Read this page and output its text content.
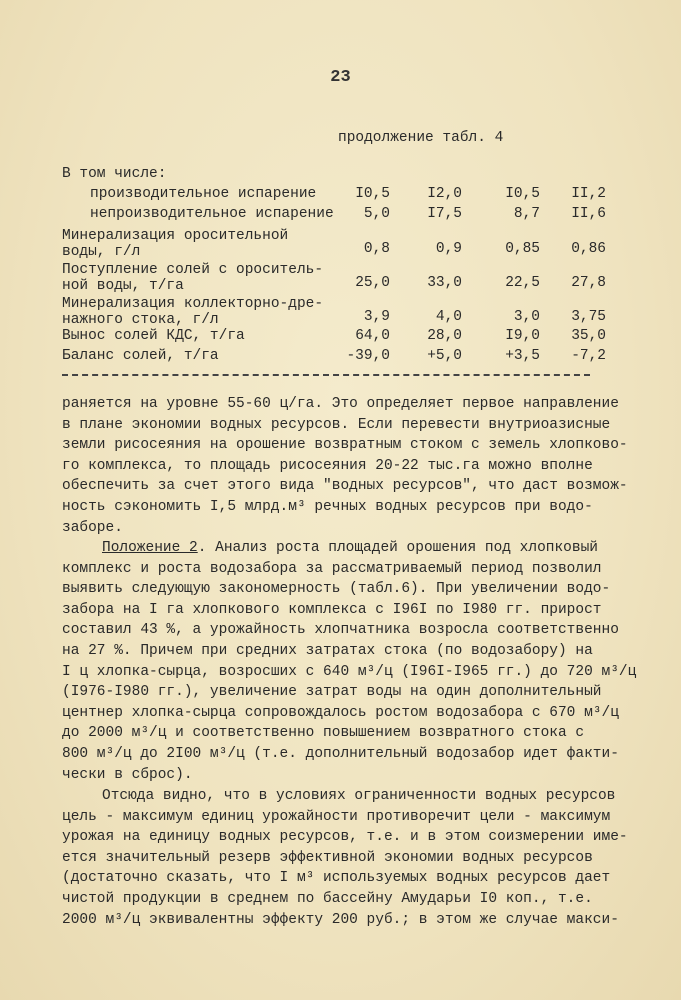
23
продолжение табл. 4
В том числе:
производительное испарение	I0,5	I2,0	I0,5	II,2
непроизводительное испарение	5,0	I7,5	8,7	II,6
Минерализация оросительной
воды, г/л	0,8	0,9	0,85	0,86
Поступление солей с ороситель-
ной воды, т/га	25,0	33,0	22,5	27,8
Минерализация коллекторно-дре-
нажного стока, г/л	3,9	4,0	3,0	3,75
Вынос солей КДС, т/га	64,0	28,0	I9,0	35,0
Баланс солей, т/га	-39,0	+5,0	+3,5	-7,2
раняется на уровне 55-60 ц/га. Это определяет первое направление
в плане экономии водных ресурсов. Если перевести внутриоазисные
земли рисосеяния на орошение возвратным стоком с земель хлопково-
го комплекса, то площадь рисосеяния 20-22 тыс.га можно вполне
обеспечить за счет этого вида "водных ресурсов", что даст возмож-
ность сэкономить I,5 млрд.м³ речных водных ресурсов при водо-
заборе.
Положение 2. Анализ роста площадей орошения под хлопковый
комплекс и роста водозабора за рассматриваемый период позволил
выявить следующую закономерность (табл.6). При увеличении водо-
забора на I га хлопкового комплекса с I96I по I980 гг. прирост
составил 43 %, а урожайность хлопчатника возросла соответственно
на 27 %. Причем при средних затратах стока (по водозабору) на
I ц хлопка-сырца, возросших с 640 м³/ц (I96I-I965 гг.) до 720 м³/ц
(I976-I980 гг.), увеличение затрат воды на один дополнительный
центнер хлопка-сырца сопровождалось ростом водозабора с 670 м³/ц
до 2000 м³/ц и соответственно повышением возвратного стока с
800 м³/ц до 2I00 м³/ц (т.е. дополнительный водозабор идет факти-
чески в сброс).
Отсюда видно, что в условиях ограниченности водных ресурсов
цель - максимум единиц урожайности противоречит цели - максимум
урожая на единицу водных ресурсов, т.е. и в этом соизмерении име-
ется значительный резерв эффективной экономии водных ресурсов
(достаточно сказать, что I м³ используемых водных ресурсов дает
чистой продукции в среднем по бассейну Амударьи I0 коп., т.е.
2000 м³/ц эквивалентны эффекту 200 руб.; в этом же случае макси-
